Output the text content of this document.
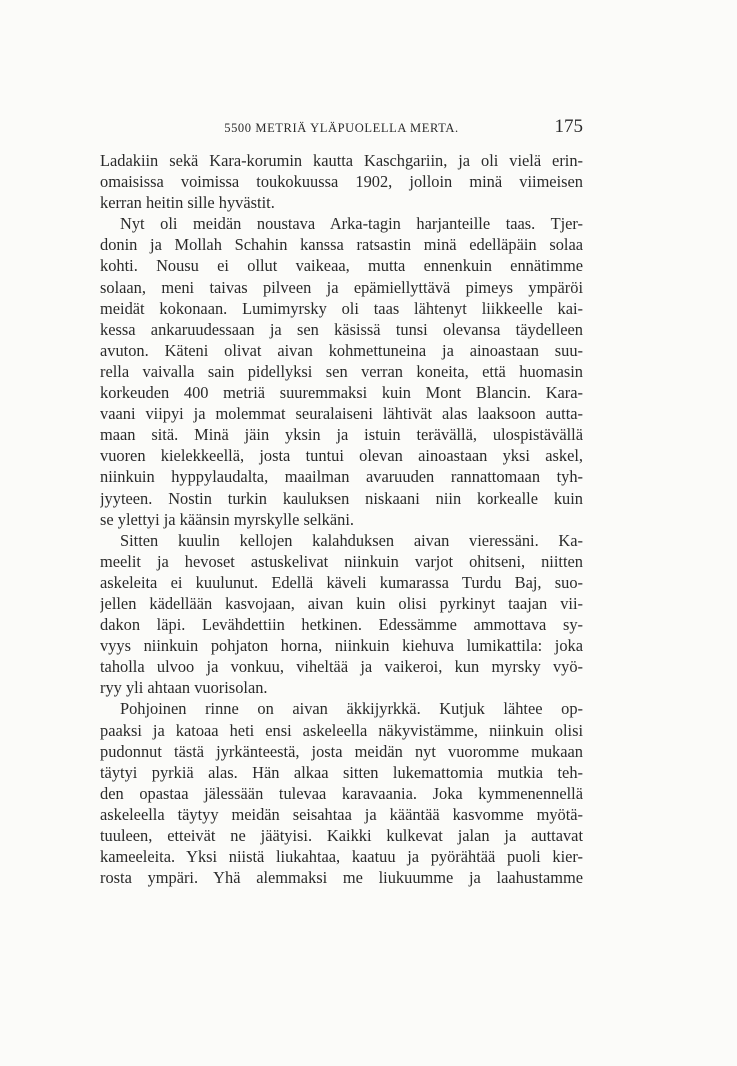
5500 METRIÄ YLÄPUOLELLA MERTA.	175
Ladakiin sekä Kara-korumin kautta Kaschgariin, ja oli vielä erin-
omaisissa voimissa toukokuussa 1902, jolloin minä viimeisen
kerran heitin sille hyvästit.
Nyt oli meidän noustava Arka-tagin harjanteille taas. Tjer-
donin ja Mollah Schahin kanssa ratsastin minä edelläpäin solaa
kohti. Nousu ei ollut vaikeaa, mutta ennenkuin ennätimme
solaan, meni taivas pilveen ja epämiellyttävä pimeys ympäröi
meidät kokonaan. Lumimyrsky oli taas lähtenyt liikkeelle kai-
kessa ankaruudessaan ja sen käsissä tunsi olevansa täydelleen
avuton. Käteni olivat aivan kohmettuneina ja ainoastaan suu-
rella vaivalla sain pidellyksi sen verran koneita, että huomasin
korkeuden 400 metriä suuremmaksi kuin Mont Blancin. Kara-
vaani viipyi ja molemmat seuralaiseni lähtivät alas laaksoon autta-
maan sitä. Minä jäin yksin ja istuin terävällä, ulospistävällä
vuoren kielekkeellä, josta tuntui olevan ainoastaan yksi askel,
niinkuin hyppylaudalta, maailman avaruuden rannattomaan tyh-
jyyteen. Nostin turkin kauluksen niskaani niin korkealle kuin
se ylettyi ja käänsin myrskylle selkäni.
Sitten kuulin kellojen kalahduksen aivan vieressäni. Ka-
meelit ja hevoset astuskelivat niinkuin varjot ohitseni, niitten
askeleita ei kuulunut. Edellä käveli kumarassa Turdu Baj, suo-
jellen kädellään kasvojaan, aivan kuin olisi pyrkinyt taajan vii-
dakon läpi. Levähdettiin hetkinen. Edessämme ammottava sy-
vyys niinkuin pohjaton horna, niinkuin kiehuva lumikattila: joka
taholla ulvoo ja vonkuu, viheltää ja vaikeroi, kun myrsky vyö-
ryy yli ahtaan vuorisolan.
Pohjoinen rinne on aivan äkkijyrkkä. Kutjuk lähtee op-
paaksi ja katoaa heti ensi askeleella näkyvistämme, niinkuin olisi
pudonnut tästä jyrkänteestä, josta meidän nyt vuoromme mukaan
täytyi pyrkiä alas. Hän alkaa sitten lukemattomia mutkia teh-
den opastaa jälessään tulevaa karavaania. Joka kymmenennellä
askeleella täytyy meidän seisahtaa ja kääntää kasvomme myötä-
tuuleen, etteivät ne jäätyisi. Kaikki kulkevat jalan ja auttavat
kameeleita. Yksi niistä liukahtaa, kaatuu ja pyörähtää puoli kier-
rosta ympäri. Yhä alemmaksi me liukuumme ja laahustamme
